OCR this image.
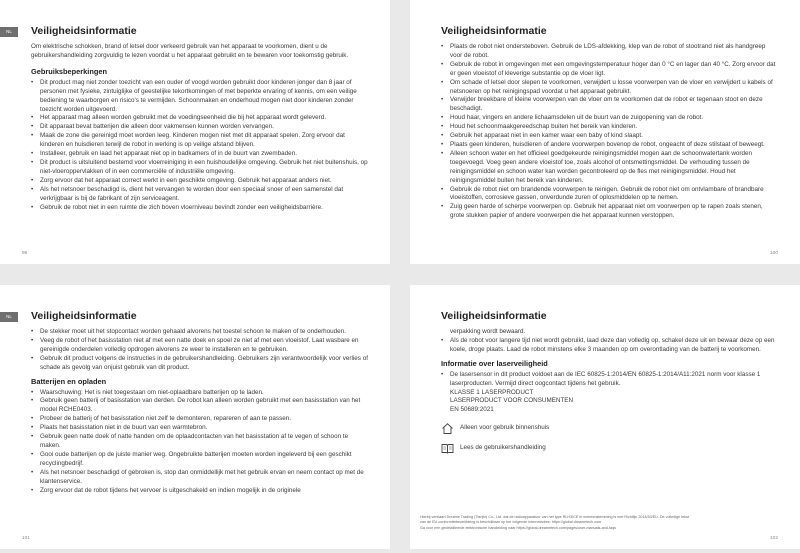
NL	Veiligheidsinformatie

Om elektrische schokken, brand of letsel door verkeerd gebruik van het apparaat te voorkomen, dient u de gebruikershandleiding zorgvuldig te lezen voordat u het apparaat gebruikt en te bewaren voor toekomstig gebruik.

Gebruiksbeperkingen
• Dit product mag niet zonder toezicht van een ouder of voogd worden gebruikt door kinderen jonger dan 8 jaar of personen met fysieke, zintuiglijke of geestelijke tekortkomingen of met beperkte ervaring of kennis, om een veilige bediening te waarborgen en risico's te vermijden. Schoonmaken en onderhoud mogen niet door kinderen zonder toezicht worden uitgevoerd.
• Het apparaat mag alleen worden gebruikt met de voedingseenheid die bij het apparaat wordt geleverd.
• Dit apparaat bevat batterijen die alleen door vakmensen kunnen worden vervangen.
• Maak de zone die gereinigd moet worden leeg. Kinderen mogen niet met dit apparaat spelen. Zorg ervoor dat kinderen en huisdieren terwijl de robot in werking is op veilige afstand blijven.
• Installeer, gebruik en laad het apparaat niet op in badkamers of in de buurt van zwembaden.
• Dit product is uitsluitend bestemd voor vloerreiniging in een huishoudelijke omgeving. Gebruik het niet buitenshuis, op niet-vloeroppervlakken of in een commerciële of industriële omgeving.
• Zorg ervoor dat het apparaat correct werkt in een geschikte omgeving. Gebruik het apparaat anders niet.
• Als het netsnoer beschadigd is, dient het vervangen te worden door een speciaal snoer of een samenstel dat verkrijgbaar is bij de fabrikant of zijn serviceagent.
• Gebruik de robot niet in een ruimte die zich boven vloerniveau bevindt zonder een veiligheidsbarrière.
99
Veiligheidsinformatie
• Plaats de robot niet ondersteboven. Gebruik de LDS-afdekking, klep van de robot of stootrand niet als handgreep voor de robot.
• Gebruik de robot in omgevingen met een omgevingstemperatuur hoger dan 0 °C en lager dan 40 °C. Zorg ervoor dat er geen vloeistof of kleverige substantie op de vloer ligt.
• Om schade of letsel door slepen te voorkomen, verwijdert u losse voorwerpen van de vloer en verwijdert u kabels of netsnoeren op het reinigingspad voordat u het apparaat gebruikt.
• Verwijder breekbare of kleine voorwerpen van de vloer om te voorkomen dat de robot er tegenaan stoot en deze beschadigt.
• Houd haar, vingers en andere lichaamsdelen uit de buurt van de zuigopening van de robot.
• Houd het schoonmaakgereedschap buiten het bereik van kinderen.
• Gebruik het apparaat niet in een kamer waar een baby of kind slaapt.
• Plaats geen kinderen, huisdieren of andere voorwerpen bovenop de robot, ongeacht of deze stilstaat of beweegt.
• Alleen schoon water en het officieel goedgekeurde reinigingsmiddel mogen aan de schoonwatertank worden toegevoegd. Voeg geen andere vloeistof toe, zoals alcohol of ontsmettingsmiddel. De verhouding tussen de reinigingsmiddel en schoon water kan worden gecontroleerd op de fles met reinigingsmiddel. Houd het reinigingsmiddel buiten het bereik van kinderen.
• Gebruik de robot niet om brandende voorwerpen te reinigen. Gebruik de robot niet om ontvlambare of brandbare vloeistoffen, corrosieve gassen, onverdunde zuren of oplosmiddelen op te nemen.
• Zuig geen harde of scherpe voorwerpen op. Gebruik het apparaat niet om voorwerpen op te rapen zoals stenen, grote stukken papier of andere voorwerpen die het apparaat kunnen verstoppen.
100
NL	Veiligheidsinformatie
• De stekker moet uit het stopcontact worden gehaald alvorens het toestel schoon te maken of te onderhouden.
• Veeg de robot of het basisstation niet af met een natte doek en spoel ze niet af met een vloeistof. Laat wasbare en gereinigde onderdelen volledig opdrogen alvorens ze weer te installeren en te gebruiken.
• Gebruik dit product volgens de instructies in de gebruikershandleiding. Gebruikers zijn verantwoordelijk voor verlies of schade als gevolg van onjuist gebruik van dit product.
Batterijen en opladen
• Waarschuwing: Het is niet toegestaan om niet-oplaadbare batterijen op te laden.
• Gebruik geen batterij of basisstation van derden. De robot kan alleen worden gebruikt met een basisstation van het model RCHE0403.
• Probeer de batterij of het basisstation niet zelf te demonteren, repareren of aan te passen.
• Plaats het basisstation niet in de buurt van een warmtebron.
• Gebruik geen natte doek of natte handen om de oplaadcontacten van het basisstation af te vegen of schoon te maken.
• Gooi oude batterijen op de juiste manier weg. Ongebruikte batterijen moeten worden ingeleverd bij een geschikt recyclingbedrijf.
• Als het netsnoer beschadigd of gebroken is, stop dan onmiddellijk met het gebruik ervan en neem contact op met de klantenservice.
• Zorg ervoor dat de robot tijdens het vervoer is uitgeschakeld en indien mogelijk in de originele
101
Veiligheidsinformatie
verpakking wordt bewaard.
• Als de robot voor langere tijd niet wordt gebruikt, laad deze dan volledig op, schakel deze uit en bewaar deze op een koele, droge plaats. Laad de robot minstens elke 3 maanden op om overontlading van de batterij te voorkomen.
Informatie over laserveiligheid
• De lasersensor in dit product voldoet aan de IEC 60825-1:2014/EN 60825-1:2014/A11:2021 norm voor klasse 1 laserproducten. Vermijd direct oogcontact tijdens het gebruik.
KLASSE 1 LASERPRODUCT
LASERPRODUCT VOOR CONSUMENTEN
EN 50689:2021
Alleen voor gebruik binnenshuis
Lees de gebruikershandleiding
Hierbij verklaart Dreame Trading (Tianjin) Co., Ltd. dat de radioapparatuur van het type RLH3ICE in overeenstemming is met Richtlijn 2014/53/EU. De volledige tekst
van de EU-conformiteitsverklaring is beschikbaar op het volgende internetadres: https://global.dreametech.com
Ga voor een gedetailleerde elektronische handleiding naar https://global.dreametech.com/pages/user-manuals-and-faqs
102
